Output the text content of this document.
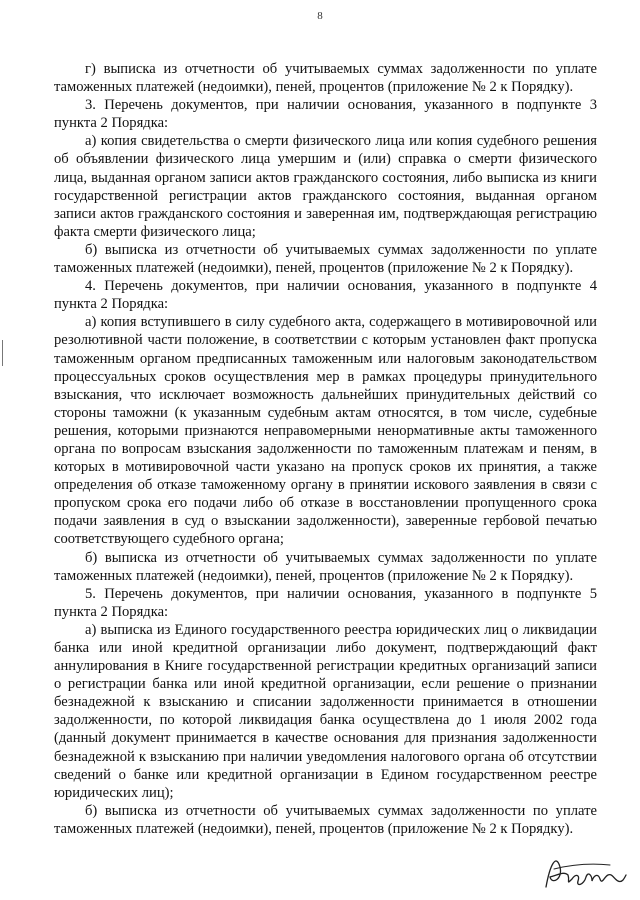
8

г) выписка из отчетности об учитываемых суммах задолженности по уплате таможенных платежей (недоимки), пеней, процентов (приложение № 2 к Порядку).

3. Перечень документов, при наличии основания, указанного в подпункте 3 пункта 2 Порядка:

а) копия свидетельства о смерти физического лица или копия судебного решения об объявлении физического лица умершим и (или) справка о смерти физического лица, выданная органом записи актов гражданского состояния, либо выписка из книги государственной регистрации актов гражданского состояния, выданная органом записи актов гражданского состояния и заверенная им, подтверждающая регистрацию факта смерти физического лица;

б) выписка из отчетности об учитываемых суммах задолженности по уплате таможенных платежей (недоимки), пеней, процентов (приложение № 2 к Порядку).

4. Перечень документов, при наличии основания, указанного в подпункте 4 пункта 2 Порядка:

а) копия вступившего в силу судебного акта, содержащего в мотивировочной или резолютивной части положение, в соответствии с которым установлен факт пропуска таможенным органом предписанных таможенным или налоговым законодательством процессуальных сроков осуществления мер в рамках процедуры принудительного взыскания, что исключает возможность дальнейших принудительных действий со стороны таможни (к указанным судебным актам относятся, в том числе, судебные решения, которыми признаются неправомерными ненормативные акты таможенного органа по вопросам взыскания задолженности по таможенным платежам и пеням, в которых в мотивировочной части указано на пропуск сроков их принятия, а также определения об отказе таможенному органу в принятии искового заявления в связи с пропуском срока его подачи либо об отказе в восстановлении пропущенного срока подачи заявления в суд о взыскании задолженности), заверенные гербовой печатью соответствующего судебного органа;

б) выписка из отчетности об учитываемых суммах задолженности по уплате таможенных платежей (недоимки), пеней, процентов (приложение № 2 к Порядку).

5. Перечень документов, при наличии основания, указанного в подпункте 5 пункта 2 Порядка:

а) выписка из Единого государственного реестра юридических лиц о ликвидации банка или иной кредитной организации либо документ, подтверждающий факт аннулирования в Книге государственной регистрации кредитных организаций записи о регистрации банка или иной кредитной организации, если решение о признании безнадежной к взысканию и списании задолженности принимается в отношении задолженности, по которой ликвидация банка осуществлена до 1 июля 2002 года (данный документ принимается в качестве основания для признания задолженности безнадежной к взысканию при наличии уведомления налогового органа об отсутствии сведений о банке или кредитной организации в Едином государственном реестре юридических лиц);

б) выписка из отчетности об учитываемых суммах задолженности по уплате таможенных платежей (недоимки), пеней, процентов (приложение № 2 к Порядку).
